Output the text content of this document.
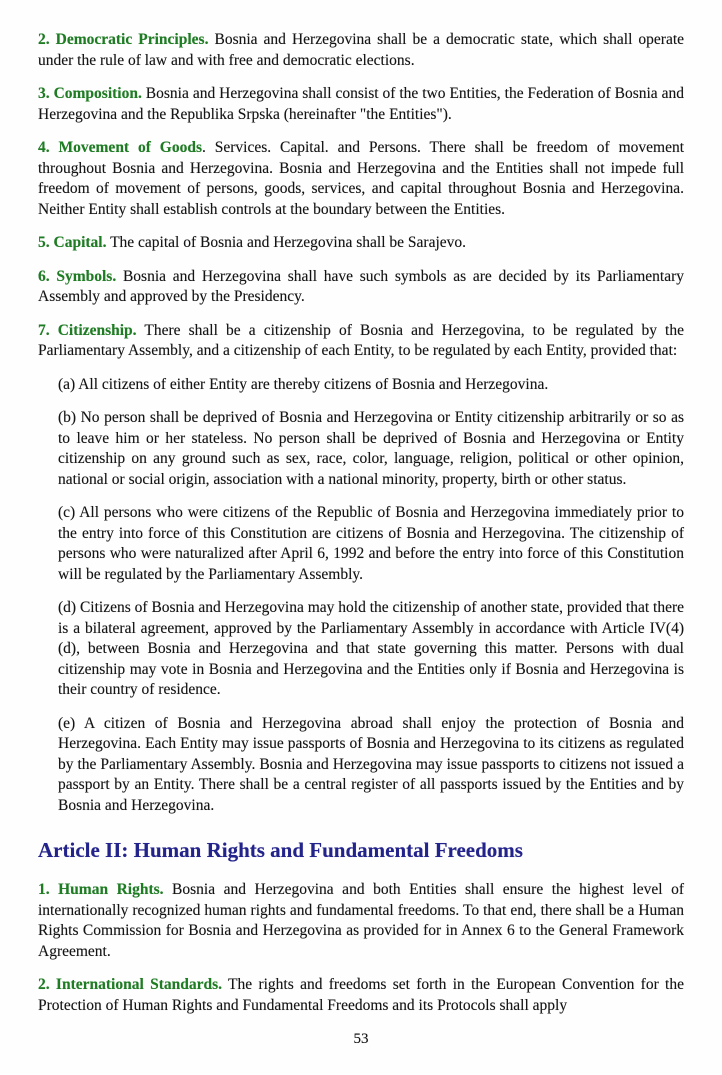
2. Democratic Principles. Bosnia and Herzegovina shall be a democratic state, which shall operate under the rule of law and with free and democratic elections.

3. Composition. Bosnia and Herzegovina shall consist of the two Entities, the Federation of Bosnia and Herzegovina and the Republika Srpska (hereinafter "the Entities").

4. Movement of Goods. Services. Capital. and Persons. There shall be freedom of movement throughout Bosnia and Herzegovina. Bosnia and Herzegovina and the Entities shall not impede full freedom of movement of persons, goods, services, and capital throughout Bosnia and Herzegovina. Neither Entity shall establish controls at the boundary between the Entities.

5. Capital. The capital of Bosnia and Herzegovina shall be Sarajevo.

6. Symbols. Bosnia and Herzegovina shall have such symbols as are decided by its Parliamentary Assembly and approved by the Presidency.

7. Citizenship. There shall be a citizenship of Bosnia and Herzegovina, to be regulated by the Parliamentary Assembly, and a citizenship of each Entity, to be regulated by each Entity, provided that:

(a) All citizens of either Entity are thereby citizens of Bosnia and Herzegovina.

(b) No person shall be deprived of Bosnia and Herzegovina or Entity citizenship arbitrarily or so as to leave him or her stateless. No person shall be deprived of Bosnia and Herzegovina or Entity citizenship on any ground such as sex, race, color, language, religion, political or other opinion, national or social origin, association with a national minority, property, birth or other status.

(c) All persons who were citizens of the Republic of Bosnia and Herzegovina immediately prior to the entry into force of this Constitution are citizens of Bosnia and Herzegovina. The citizenship of persons who were naturalized after April 6, 1992 and before the entry into force of this Constitution will be regulated by the Parliamentary Assembly.

(d) Citizens of Bosnia and Herzegovina may hold the citizenship of another state, provided that there is a bilateral agreement, approved by the Parliamentary Assembly in accordance with Article IV(4)(d), between Bosnia and Herzegovina and that state governing this matter. Persons with dual citizenship may vote in Bosnia and Herzegovina and the Entities only if Bosnia and Herzegovina is their country of residence.

(e) A citizen of Bosnia and Herzegovina abroad shall enjoy the protection of Bosnia and Herzegovina. Each Entity may issue passports of Bosnia and Herzegovina to its citizens as regulated by the Parliamentary Assembly. Bosnia and Herzegovina may issue passports to citizens not issued a passport by an Entity. There shall be a central register of all passports issued by the Entities and by Bosnia and Herzegovina.

Article II: Human Rights and Fundamental Freedoms

1. Human Rights. Bosnia and Herzegovina and both Entities shall ensure the highest level of internationally recognized human rights and fundamental freedoms. To that end, there shall be a Human Rights Commission for Bosnia and Herzegovina as provided for in Annex 6 to the General Framework Agreement.

2. International Standards. The rights and freedoms set forth in the European Convention for the Protection of Human Rights and Fundamental Freedoms and its Protocols shall apply

53
